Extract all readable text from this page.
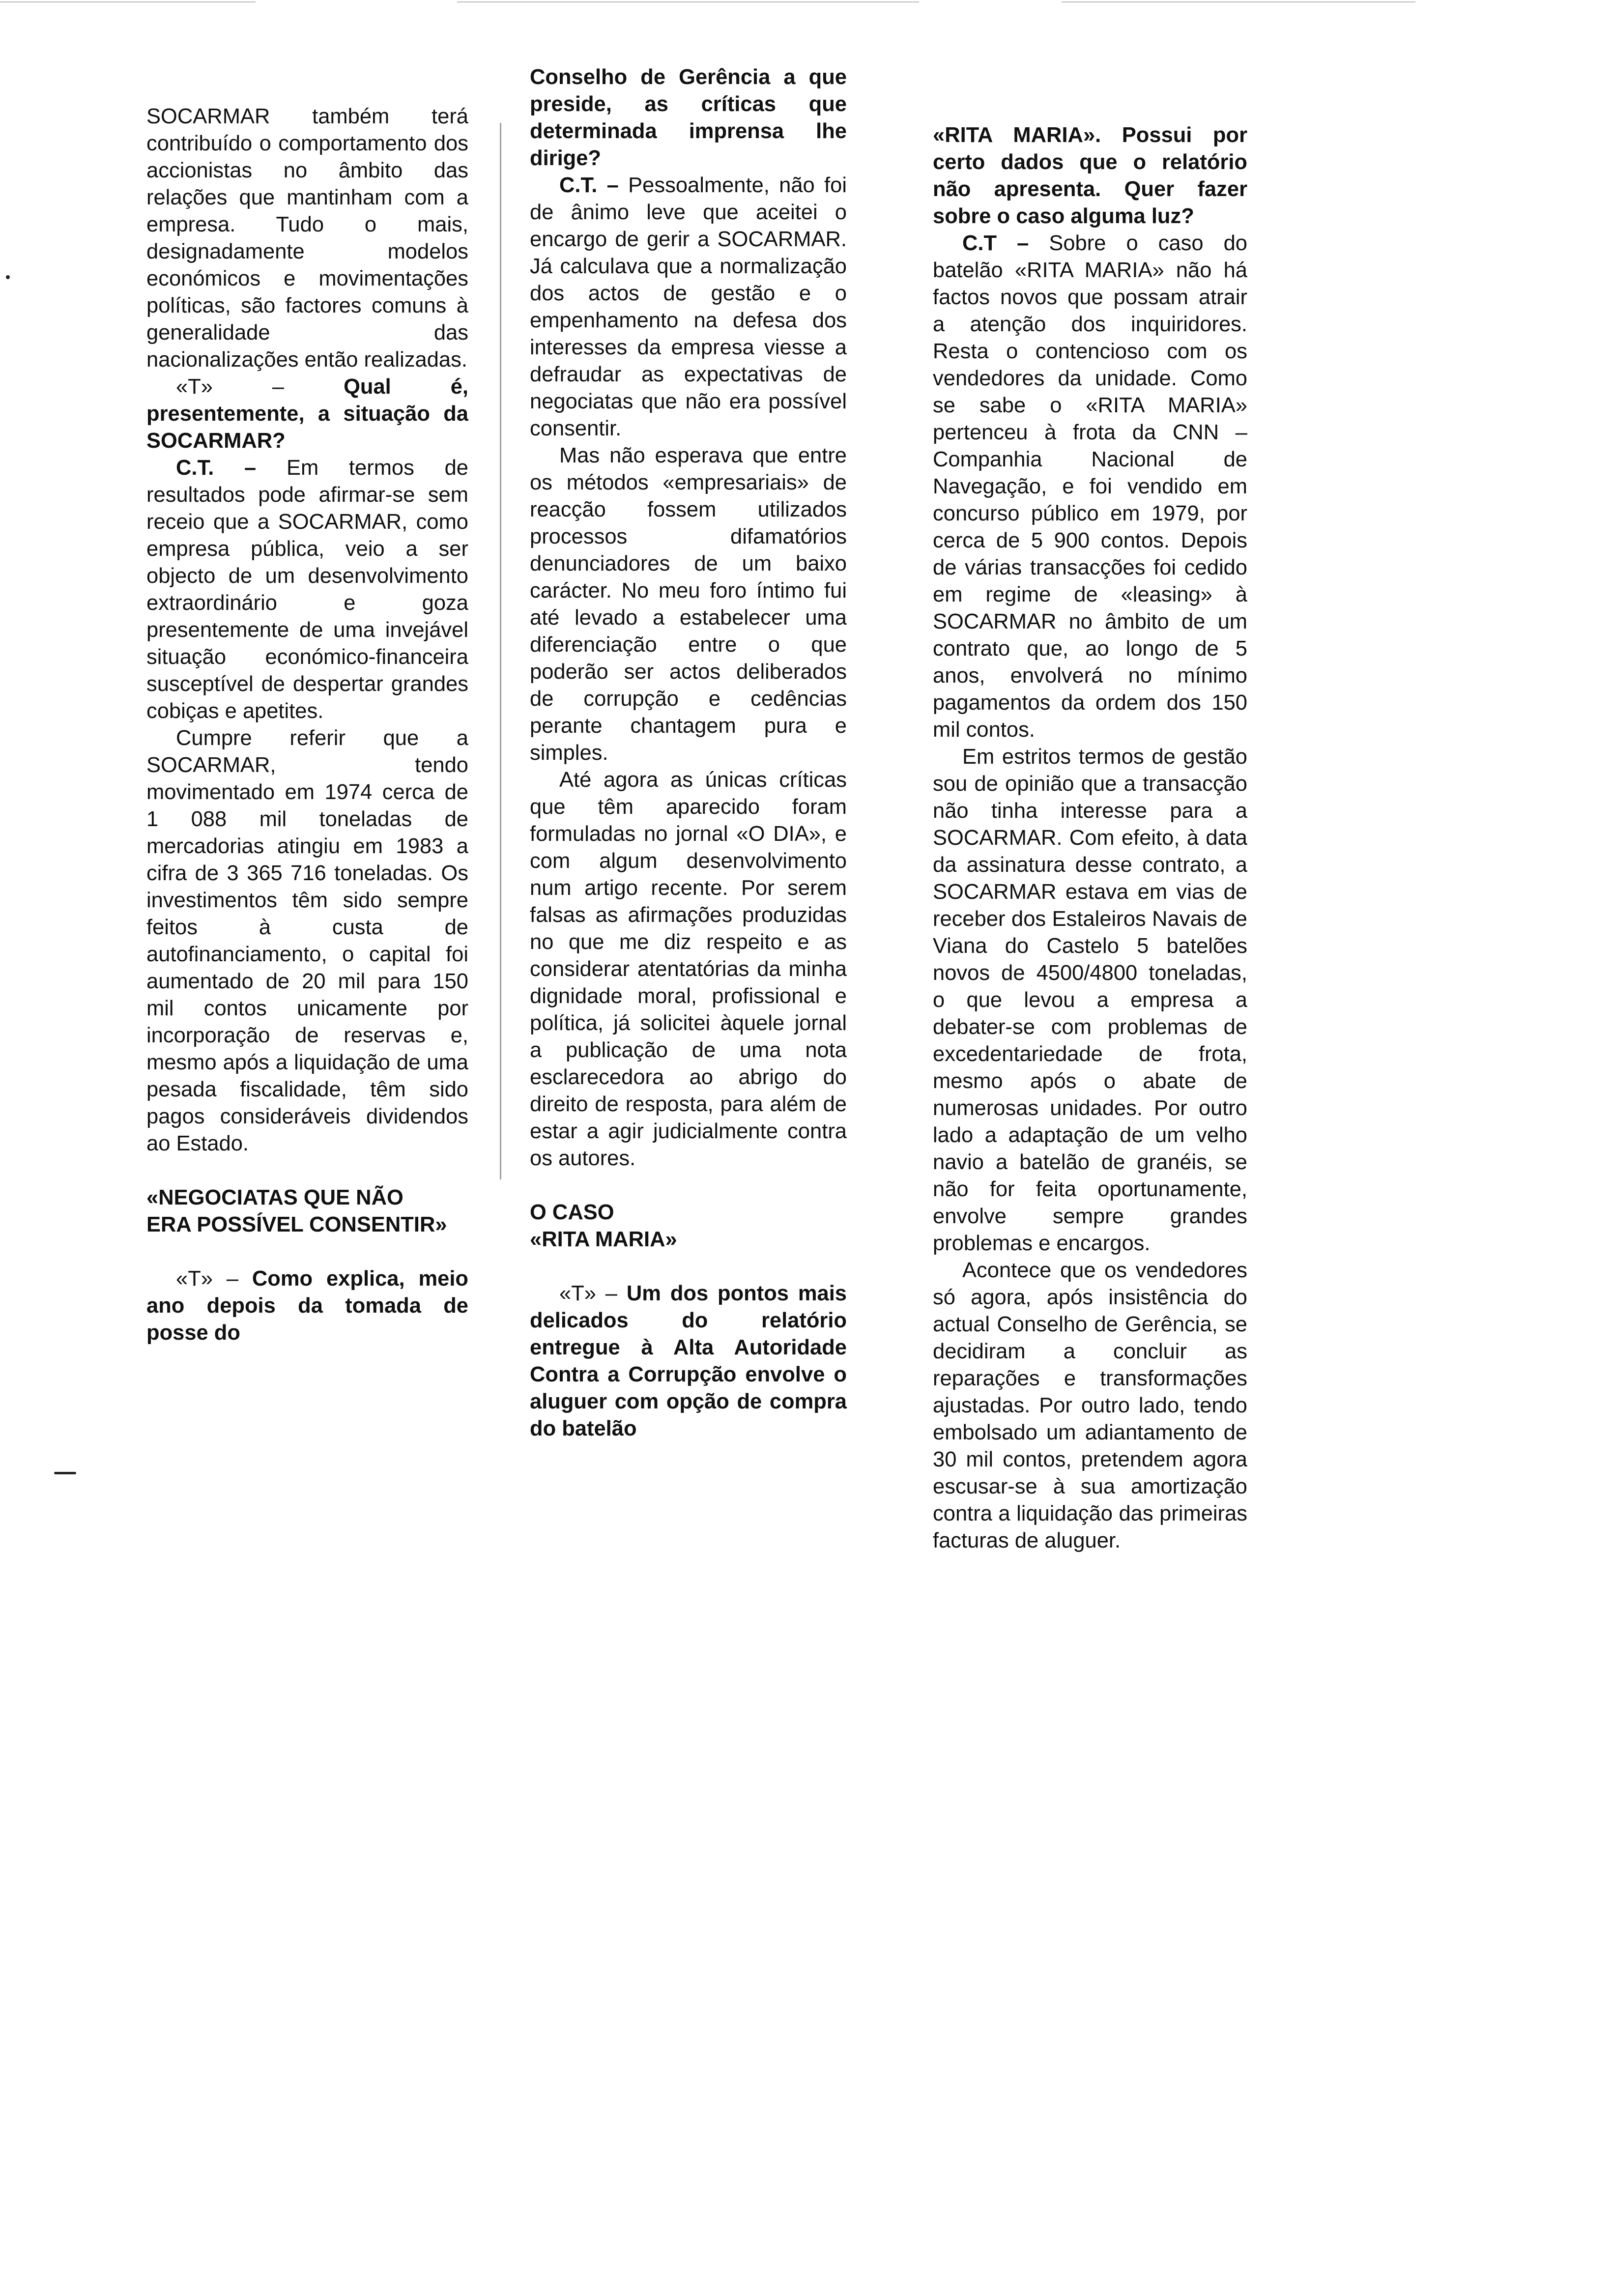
SOCARMAR também terá contribuído o comportamento dos accionistas no âmbito das relações que mantinham com a empresa. Tudo o mais, designadamente modelos económicos e movimentações políticas, são factores comuns à generalidade das nacionalizações então realizadas.

«T» –	Qual é, presentemente, a situação da SOCARMAR?

C.T. – Em termos de resultados pode afirmar-se sem receio que a SOCARMAR, como empresa pública, veio a ser objecto de um desenvolvimento extraordinário e goza presentemente de uma invejável situação económico-financeira susceptível de despertar grandes cobiças e apetites.

Cumpre referir que a SOCARMAR, tendo movimentado em 1974 cerca de 1 088 mil toneladas de mercadorias atingiu em 1983 a cifra de 3 365 716 toneladas. Os investimentos têm sido sempre feitos à custa de autofinanciamento, o capital foi aumentado de 20 mil para 150 mil contos unicamente por incorporação de reservas e, mesmo após a liquidação de uma pesada fiscalidade, têm sido pagos consideráveis dividendos ao Estado.

«NEGOCIATAS QUE NÃO
ERA POSSÍVEL CONSENTIR»

«T» – Como explica, meio ano depois da tomada de posse do

Conselho de Gerência a que preside, as críticas que determinada imprensa lhe dirige?

C.T. – Pessoalmente, não foi de ânimo leve que aceitei o encargo de gerir a SOCARMAR. Já calculava que a normalização dos actos de gestão e o empenhamento na defesa dos interesses da empresa viesse a defraudar as expectativas de negociatas que não era possível consentir.

Mas não esperava que entre os métodos «empresariais» de reacção fossem utilizados processos difamatórios denunciadores de um baixo carácter. No meu foro íntimo fui até levado a estabelecer uma diferenciação entre o que poderão ser actos deliberados de corrupção e cedências perante chantagem pura e simples.

Até agora as únicas críticas que têm aparecido foram formuladas no jornal «O DIA», e com algum desenvolvimento num artigo recente. Por serem falsas as afirmações produzidas no que me diz respeito e as considerar atentatórias da minha dignidade moral, profissional e política, já solicitei àquele jornal a publicação de uma nota esclarecedora ao abrigo do direito de resposta, para além de estar a agir judicialmente contra os autores.

O CASO
«RITA MARIA»

«T» – Um dos pontos mais delicados do relatório entregue à Alta Autoridade Contra a Corrupção envolve o aluguer com opção de compra do batelão

«RITA MARIA». Possui por certo dados que o relatório não apresenta. Quer fazer sobre o caso alguma luz?

C.T – Sobre o caso do batelão «RITA MARIA» não há factos novos que possam atrair a atenção dos inquiridores. Resta o contencioso com os vendedores da unidade. Como se sabe o «RITA MARIA» pertenceu à frota da CNN – Companhia Nacional de Navegação, e foi vendido em concurso público em 1979, por cerca de 5 900 contos. Depois de várias transacções foi cedido em regime de «leasing» à SOCARMAR no âmbito de um contrato que, ao longo de 5 anos, envolverá no mínimo pagamentos da ordem dos 150 mil contos.

Em estritos termos de gestão sou de opinião que a transacção não tinha interesse para a SOCARMAR. Com efeito, à data da assinatura desse contrato, a SOCARMAR estava em vias de receber dos Estaleiros Navais de Viana do Castelo 5 batelões novos de 4500/4800 toneladas, o que levou a empresa a debater-se com problemas de excedentariedade de frota, mesmo após o abate de numerosas unidades. Por outro lado a adaptação de um velho navio a batelão de granéis, se não for feita oportunamente, envolve sempre grandes problemas e encargos.

Acontece que os vendedores só agora, após insistência do actual Conselho de Gerência, se decidiram a concluir as reparações e transformações ajustadas. Por outro lado, tendo embolsado um adiantamento de 30 mil contos, pretendem agora escusar-se à sua amortização contra a liquidação das primeiras facturas de aluguer.
